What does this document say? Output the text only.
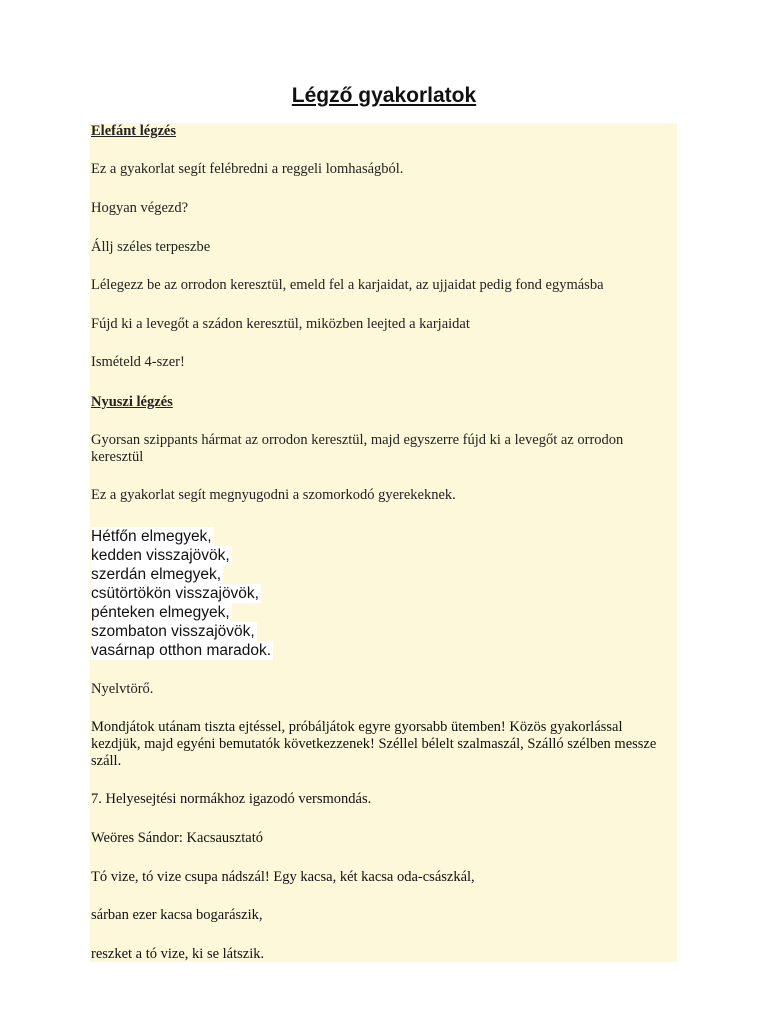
Légző gyakorlatok
Elefánt légzés
Ez a gyakorlat segít felébredni a reggeli lomhaságból.
Hogyan végezd?
Állj széles terpeszbe
Lélegezz be az orrodon keresztül, emeld fel a karjaidat, az ujjaidat pedig fond egymásba
Fújd ki a levegőt a szádon keresztül, miközben leejted a karjaidat
Ismételd 4-szer!
Nyuszi légzés
Gyorsan szippants hármat az orrodon keresztül, majd egyszerre fújd ki a levegőt az orrodon keresztül
Ez a gyakorlat segít megnyugodni a szomorkodó gyerekeknek.
Hétfőn elmegyek,
kedden visszajövök,
szerdán elmegyek,
csütörtökön visszajövök,
pénteken elmegyek,
szombaton visszajövök,
vasárnap otthon maradok.
Nyelvtörő.
Mondjátok utánam tiszta ejtéssel, próbáljátok egyre gyorsabb ütemben! Közös gyakorlással kezdjük, majd egyéni bemutatók következzenek! Széllel bélelt szalmaszál, Szálló szélben messze száll.
7. Helyesejtési normákhoz igazodó versmondás.
Weöres Sándor: Kacsausztató
Tó vize, tó vize csupa nádszál! Egy kacsa, két kacsa oda-császkál,
sárban ezer kacsa bogarászik,
reszket a tó vize, ki se látszik.
